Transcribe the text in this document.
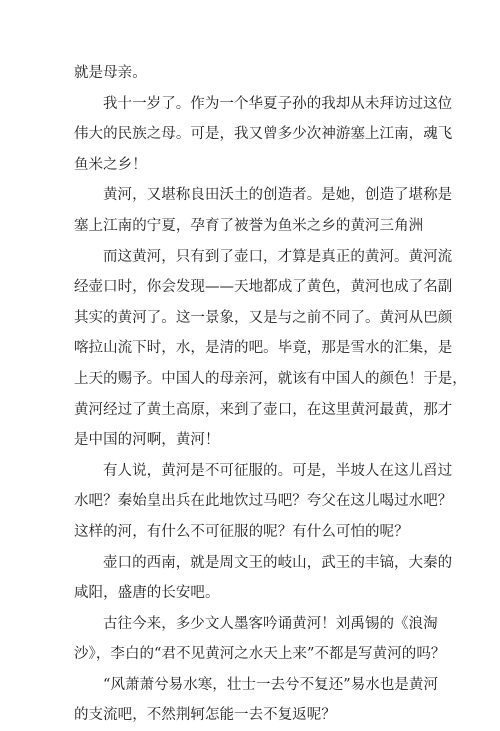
就是母亲。

我十一岁了。作为一个华夏子孙的我却从未拜访过这位
伟大的民族之母。可是，我又曾多少次神游塞上江南，魂飞
鱼米之乡！

黄河，又堪称良田沃土的创造者。是她，创造了堪称是
塞上江南的宁夏，孕育了被誉为鱼米之乡的黄河三角洲

而这黄河，只有到了壶口，才算是真正的黄河。黄河流
经壶口时，你会发现——天地都成了黄色，黄河也成了名副
其实的黄河了。这一景象，又是与之前不同了。黄河从巴颜
喀拉山流下时，水，是清的吧。毕竟，那是雪水的汇集，是
上天的赐予。中国人的母亲河，就该有中国人的颜色！于是，
黄河经过了黄土高原，来到了壶口，在这里黄河最黄，那才
是中国的河啊，黄河！

有人说，黄河是不可征服的。可是，半坡人在这儿舀过
水吧？秦始皇出兵在此地饮过马吧？夸父在这儿喝过水吧？
这样的河，有什么不可征服的呢？有什么可怕的呢？

壶口的西南，就是周文王的岐山，武王的丰镐，大秦的
咸阳，盛唐的长安吧。

古往今来，多少文人墨客吟诵黄河！刘禹锡的《浪淘
沙》，李白的“君不见黄河之水天上来”不都是写黄河的吗？

“风萧萧兮易水寒，壮士一去兮不复还”易水也是黄河
的支流吧，不然荆轲怎能一去不复返呢？
